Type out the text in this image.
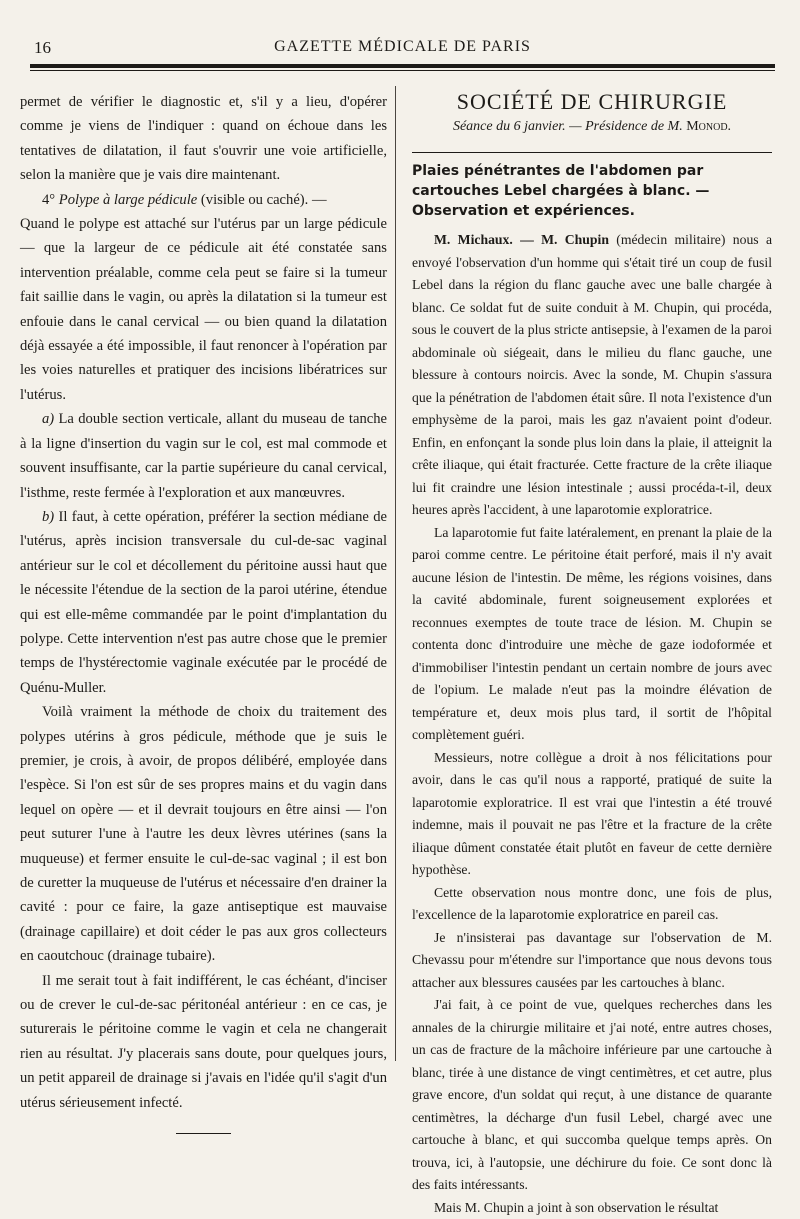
16	GAZETTE MÉDICALE DE PARIS

permet de vérifier le diagnostic et, s'il y a lieu, d'opérer comme je viens de l'indiquer : quand on échoue dans les tentatives de dilatation, il faut s'ouvrir une voie artificielle, selon la manière que je vais dire maintenant.

4° Polype à large pédicule (visible ou caché). —

Quand le polype est attaché sur l'utérus par un large pédicule — que la largeur de ce pédicule ait été constatée sans intervention préalable, comme cela peut se faire si la tumeur fait saillie dans le vagin, ou après la dilatation si la tumeur est enfouie dans le canal cervical — ou bien quand la dilatation déjà essayée a été impossible, il faut renoncer à l'opération par les voies naturelles et pratiquer des incisions libératrices sur l'utérus.

a) La double section verticale, allant du museau de tanche à la ligne d'insertion du vagin sur le col, est mal commode et souvent insuffisante, car la partie supérieure du canal cervical, l'isthme, reste fermée à l'exploration et aux manœuvres.

b) Il faut, à cette opération, préférer la section médiane de l'utérus, après incision transversale du cul-de-sac vaginal antérieur sur le col et décollement du péritoine aussi haut que le nécessite l'étendue de la section de la paroi utérine, étendue qui est elle-même commandée par le point d'implantation du polype. Cette intervention n'est pas autre chose que le premier temps de l'hystérectomie vaginale exécutée par le procédé de Quénu-Muller.

Voilà vraiment la méthode de choix du traitement des polypes utérins à gros pédicule, méthode que je suis le premier, je crois, à avoir, de propos délibéré, employée dans l'espèce. Si l'on est sûr de ses propres mains et du vagin dans lequel on opère — et il devrait toujours en être ainsi — l'on peut suturer l'une à l'autre les deux lèvres utérines (sans la muqueuse) et fermer ensuite le cul-de-sac vaginal ; il est bon de curetter la muqueuse de l'utérus et nécessaire d'en drainer la cavité : pour ce faire, la gaze antiseptique est mauvaise (drainage capillaire) et doit céder le pas aux gros collecteurs en caoutchouc (drainage tubaire).

Il me serait tout à fait indifférent, le cas échéant, d'inciser ou de crever le cul-de-sac péritonéal antérieur : en ce cas, je suturerais le péritoine comme le vagin et cela ne changerait rien au résultat. J'y placerais sans doute, pour quelques jours, un petit appareil de drainage si j'avais en l'idée qu'il s'agit d'un utérus sérieusement infecté.

SOCIÉTÉ DE CHIRURGIE
Séance du 6 janvier. — Présidence de M. Monod.
Plaies pénétrantes de l'abdomen par cartouches Lebel chargées à blanc. — Observation et expériences.

M. Michaux. — M. Chupin (médecin militaire) nous a envoyé l'observation d'un homme qui s'était tiré un coup de fusil Lebel dans la région du flanc gauche avec une balle chargée à blanc. Ce soldat fut de suite conduit à M. Chupin, qui procéda, sous le couvert de la plus stricte antisepsie, à l'examen de la paroi abdominale où siégeait, dans le milieu du flanc gauche, une blessure à contours noircis. Avec la sonde, M. Chupin s'assura que la pénétration de l'abdomen était sûre. Il nota l'existence d'un emphysème de la paroi, mais les gaz n'avaient point d'odeur. Enfin, en enfonçant la sonde plus loin dans la plaie, il atteignit la crête iliaque, qui était fracturée. Cette fracture de la crête iliaque lui fit craindre une lésion intestinale ; aussi procéda-t-il, deux heures après l'accident, à une laparotomie exploratrice.

La laparotomie fut faite latéralement, en prenant la plaie de la paroi comme centre. Le péritoine était perforé, mais il n'y avait aucune lésion de l'intestin. De même, les régions voisines, dans la cavité abdominale, furent soigneusement explorées et reconnues exemptes de toute trace de lésion. M. Chupin se contenta donc d'introduire une mèche de gaze iodoformée et d'immobiliser l'intestin pendant un certain nombre de jours avec de l'opium. Le malade n'eut pas la moindre élévation de température et, deux mois plus tard, il sortit de l'hôpital complètement guéri.

Messieurs, notre collègue a droit à nos félicitations pour avoir, dans le cas qu'il nous a rapporté, pratiqué de suite la laparotomie exploratrice. Il est vrai que l'intestin a été trouvé indemne, mais il pouvait ne pas l'être et la fracture de la crête iliaque dûment constatée était plutôt en faveur de cette dernière hypothèse.

Cette observation nous montre donc, une fois de plus, l'excellence de la laparotomie exploratrice en pareil cas.

Je n'insisterai pas davantage sur l'observation de M. Chevassu pour m'étendre sur l'importance que nous devons tous attacher aux blessures causées par les cartouches à blanc.

J'ai fait, à ce point de vue, quelques recherches dans les annales de la chirurgie militaire et j'ai noté, entre autres choses, un cas de fracture de la mâchoire inférieure par une cartouche à blanc, tirée à une distance de vingt centimètres, et cet autre, plus grave encore, d'un soldat qui reçut, à une distance de quarante centimètres, la décharge d'un fusil Lebel, chargé avec une cartouche à blanc, et qui succomba quelque temps après. On trouva, ici, à l'autopsie, une déchirure du foie. Ce sont donc là des faits intéressants.

Mais M. Chupin a joint à son observation le résultat
